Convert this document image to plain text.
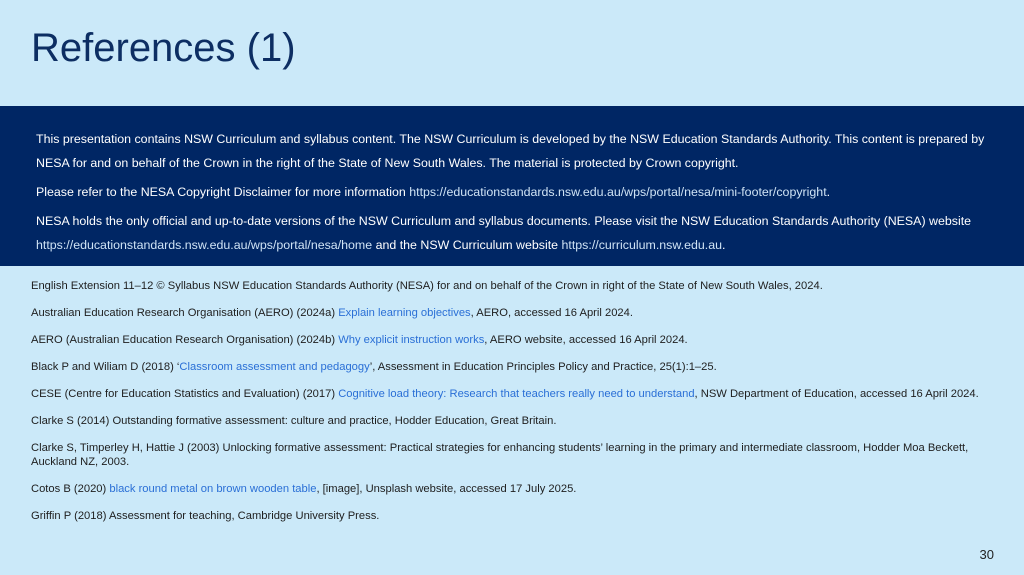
References (1)

This presentation contains NSW Curriculum and syllabus content. The NSW Curriculum is developed by the NSW Education Standards Authority. This content is prepared by NESA for and on behalf of the Crown in the right of the State of New South Wales. The material is protected by Crown copyright.

Please refer to the NESA Copyright Disclaimer for more information https://educationstandards.nsw.edu.au/wps/portal/nesa/mini-footer/copyright.

NESA holds the only official and up-to-date versions of the NSW Curriculum and syllabus documents. Please visit the NSW Education Standards Authority (NESA) website https://educationstandards.nsw.edu.au/wps/portal/nesa/home and the NSW Curriculum website https://curriculum.nsw.edu.au.

English Extension 11–12 © Syllabus NSW Education Standards Authority (NESA) for and on behalf of the Crown in right of the State of New South Wales, 2024.

Australian Education Research Organisation (AERO) (2024a) Explain learning objectives, AERO, accessed 16 April 2024.

AERO (Australian Education Research Organisation) (2024b) Why explicit instruction works, AERO website, accessed 16 April 2024.

Black P and Wiliam D (2018) ‘Classroom assessment and pedagogy’, Assessment in Education Principles Policy and Practice, 25(1):1–25.

CESE (Centre for Education Statistics and Evaluation) (2017) Cognitive load theory: Research that teachers really need to understand, NSW Department of Education, accessed 16 April 2024.

Clarke S (2014) Outstanding formative assessment: culture and practice, Hodder Education, Great Britain.

Clarke S, Timperley H, Hattie J (2003) Unlocking formative assessment: Practical strategies for enhancing students’ learning in the primary and intermediate classroom, Hodder Moa Beckett, Auckland NZ, 2003.

Cotos B (2020) black round metal on brown wooden table, [image], Unsplash website, accessed 17 July 2025.

Griffin P (2018) Assessment for teaching, Cambridge University Press.

30
